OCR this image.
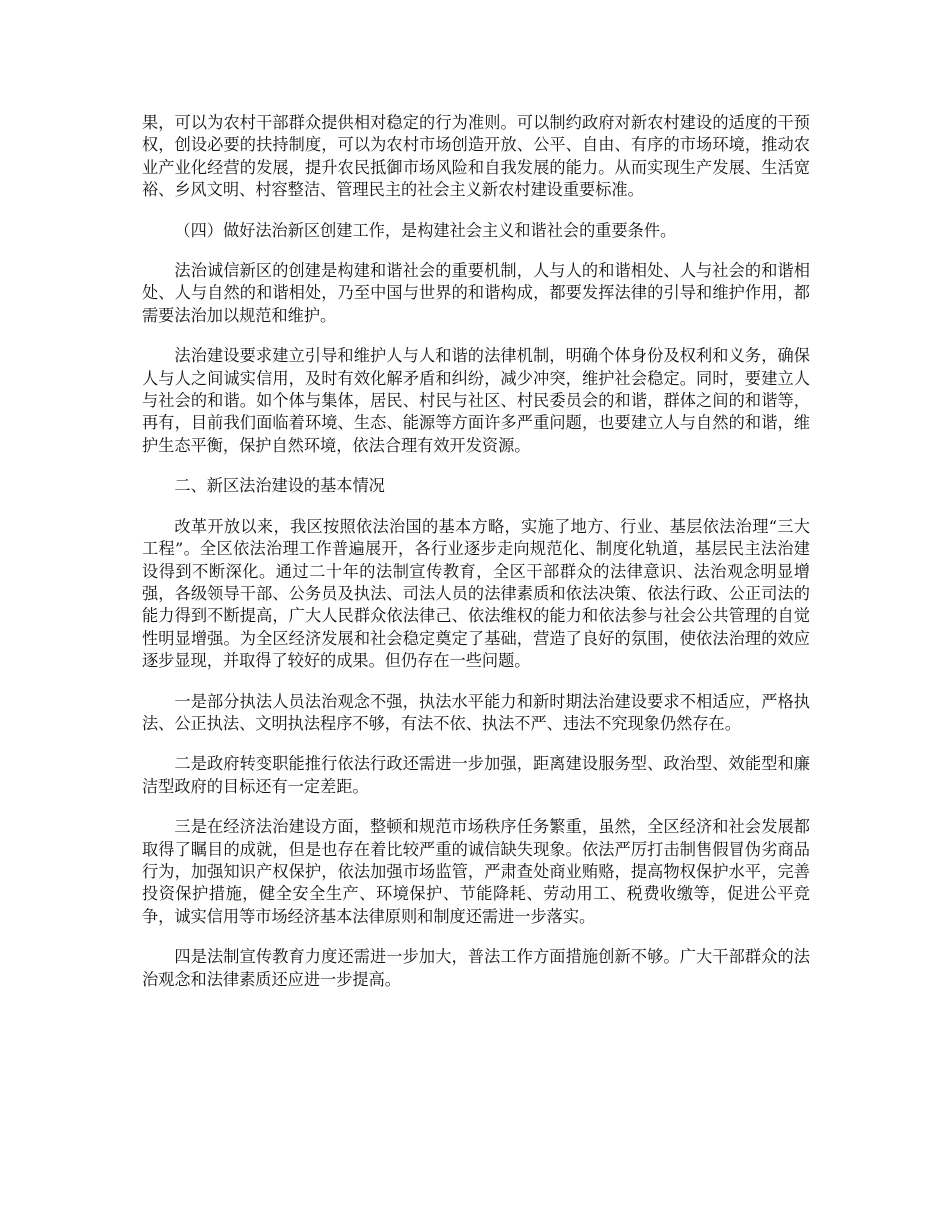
果，可以为农村干部群众提供相对稳定的行为准则。可以制约政府对新农村建设的适度的干预权，创设必要的扶持制度，可以为农村市场创造开放、公平、自由、有序的市场环境，推动农业产业化经营的发展，提升农民抵御市场风险和自我发展的能力。从而实现生产发展、生活宽裕、乡风文明、村容整洁、管理民主的社会主义新农村建设重要标准。

（四）做好法治新区创建工作，是构建社会主义和谐社会的重要条件。

法治诚信新区的创建是构建和谐社会的重要机制，人与人的和谐相处、人与社会的和谐相处、人与自然的和谐相处，乃至中国与世界的和谐构成，都要发挥法律的引导和维护作用，都需要法治加以规范和维护。

法治建设要求建立引导和维护人与人和谐的法律机制，明确个体身份及权利和义务，确保人与人之间诚实信用，及时有效化解矛盾和纠纷，减少冲突，维护社会稳定。同时，要建立人与社会的和谐。如个体与集体，居民、村民与社区、村民委员会的和谐，群体之间的和谐等，再有，目前我们面临着环境、生态、能源等方面许多严重问题，也要建立人与自然的和谐，维护生态平衡，保护自然环境，依法合理有效开发资源。

二、新区法治建设的基本情况

改革开放以来，我区按照依法治国的基本方略，实施了地方、行业、基层依法治理“三大工程”。全区依法治理工作普遍展开，各行业逐步走向规范化、制度化轨道，基层民主法治建设得到不断深化。通过二十年的法制宣传教育，全区干部群众的法律意识、法治观念明显增强，各级领导干部、公务员及执法、司法人员的法律素质和依法决策、依法行政、公正司法的能力得到不断提高，广大人民群众依法律己、依法维权的能力和依法参与社会公共管理的自觉性明显增强。为全区经济发展和社会稳定奠定了基础，营造了良好的氛围，使依法治理的效应逐步显现，并取得了较好的成果。但仍存在一些问题。

一是部分执法人员法治观念不强，执法水平能力和新时期法治建设要求不相适应，严格执法、公正执法、文明执法程序不够，有法不依、执法不严、违法不究现象仍然存在。

二是政府转变职能推行依法行政还需进一步加强，距离建设服务型、政治型、效能型和廉洁型政府的目标还有一定差距。

三是在经济法治建设方面，整顿和规范市场秩序任务繁重，虽然，全区经济和社会发展都取得了瞩目的成就，但是也存在着比较严重的诚信缺失现象。依法严厉打击制售假冒伪劣商品行为，加强知识产权保护，依法加强市场监管，严肃查处商业贿赂，提高物权保护水平，完善投资保护措施，健全安全生产、环境保护、节能降耗、劳动用工、税费收缴等，促进公平竞争，诚实信用等市场经济基本法律原则和制度还需进一步落实。

四是法制宣传教育力度还需进一步加大，普法工作方面措施创新不够。广大干部群众的法治观念和法律素质还应进一步提高。
